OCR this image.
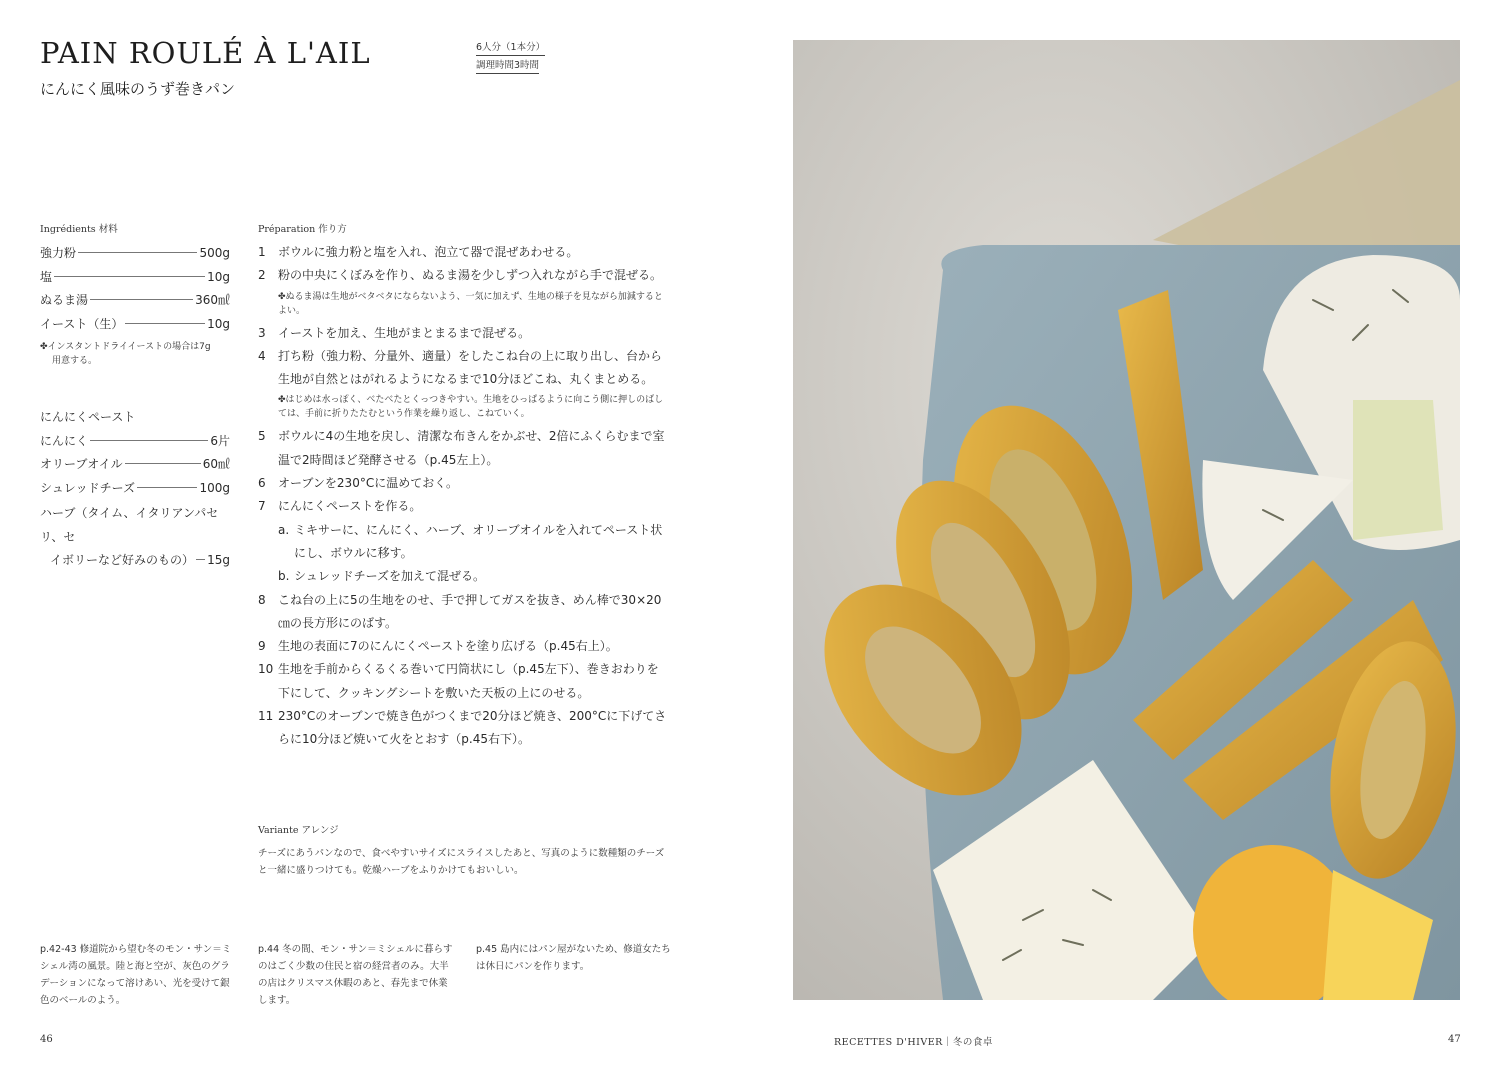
PAIN ROULÉ À L'AIL
にんにく風味のうず巻きパン
6人分（1本分）
調理時間3時間
Ingrédients 材料
強力粉	500g
塩	10g
ぬるま湯	360㎖
イースト（生）	10g
✤インスタントドライイーストの場合は7g
用意する。
にんにくペースト
にんにく	6片
オリーブオイル	60㎖
シュレッドチーズ	100g
ハーブ（タイム、イタリアンパセリ、セ
イボリーなど好みのもの） 15g
Préparation 作り方
1	ボウルに強力粉と塩を入れ、泡立て器で混ぜあわせる。
2	粉の中央にくぼみを作り、ぬるま湯を少しずつ入れながら手で混ぜる。
✤ぬるま湯は生地がベタベタにならないよう、一気に加えず、生地の様子を見ながら加減するとよい。
3	イーストを加え、生地がまとまるまで混ぜる。
4	打ち粉（強力粉、分量外、適量）をしたこね台の上に取り出し、台から生地が自然とはがれるようになるまで10分ほどこね、丸くまとめる。
✤はじめは水っぽく、べたべたとくっつきやすい。生地をひっぱるように向こう側に押しのばしては、手前に折りたたむという作業を繰り返し、こねていく。
5	ボウルに4の生地を戻し、清潔な布きんをかぶせ、2倍にふくらむまで室温で2時間ほど発酵させる（p.45左上）。
6	オーブンを230°Cに温めておく。
7	にんにくペーストを作る。
a. ミキサーに、にんにく、ハーブ、オリーブオイルを入れてペースト状にし、ボウルに移す。
b. シュレッドチーズを加えて混ぜる。
8	こね台の上に5の生地をのせ、手で押してガスを抜き、めん棒で30×20㎝の長方形にのばす。
9	生地の表面に7のにんにくペーストを塗り広げる（p.45右上）。
10 生地を手前からくるくる巻いて円筒状にし（p.45左下）、巻きおわりを下にして、クッキングシートを敷いた天板の上にのせる。
11 230°Cのオーブンで焼き色がつくまで20分ほど焼き、200°Cに下げてさらに10分ほど焼いて火をとおす（p.45右下）。
Variante アレンジ
チーズにあうパンなので、食べやすいサイズにスライスしたあと、写真のように数種類のチーズと一緒に盛りつけても。乾燥ハーブをふりかけてもおいしい。
p.42-43 修道院から望む冬のモン・サン＝ミシェル湾の風景。陸と海と空が、灰色のグラデーションになって溶けあい、光を受けて銀色のベールのよう。
p.44 冬の間、モン・サン＝ミシェルに暮らすのはごく少数の住民と宿の経営者のみ。大半の店はクリスマス休暇のあと、春先まで休業します。
p.45 島内にはパン屋がないため、修道女たちは休日にパンを作ります。
46	RECETTES D'HIVER｜冬の食卓	47
